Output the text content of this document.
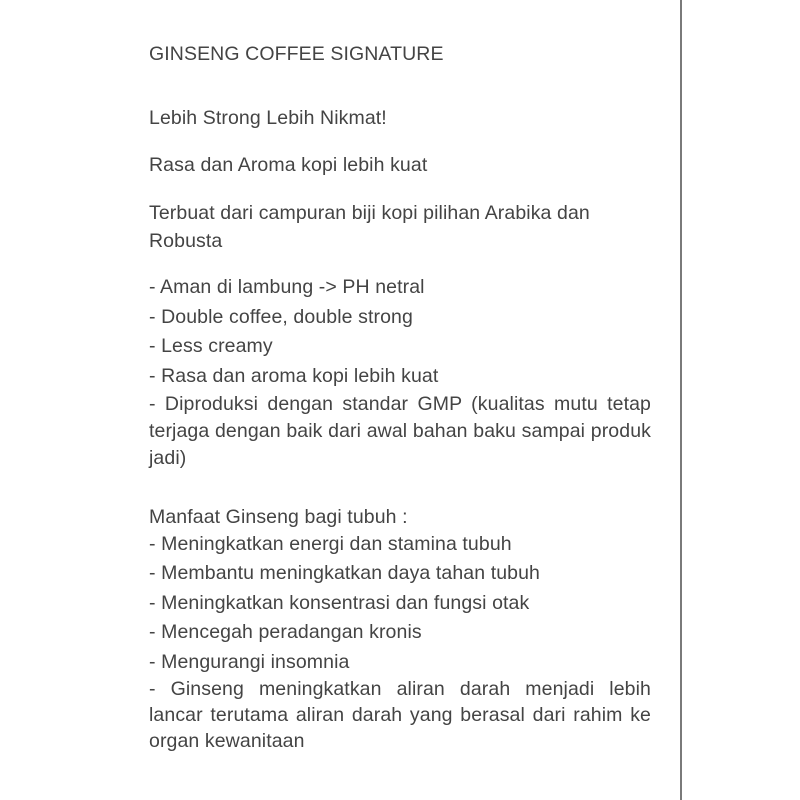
GINSENG COFFEE SIGNATURE

Lebih Strong Lebih Nikmat!

Rasa dan Aroma kopi lebih kuat

Terbuat dari campuran biji kopi pilihan Arabika dan Robusta

- Aman di lambung -> PH netral
- Double coffee, double strong
- Less creamy
- Rasa dan aroma kopi lebih kuat

- Diproduksi dengan standar GMP (kualitas mutu tetap terjaga dengan baik dari awal bahan baku sampai produk jadi)

Manfaat Ginseng bagi tubuh :

- Meningkatkan energi dan stamina tubuh
- Membantu meningkatkan daya tahan tubuh
- Meningkatkan konsentrasi dan fungsi otak
- Mencegah peradangan kronis
- Mengurangi insomnia

- Ginseng meningkatkan aliran darah menjadi lebih lancar terutama aliran darah yang berasal dari rahim ke organ kewanitaan
